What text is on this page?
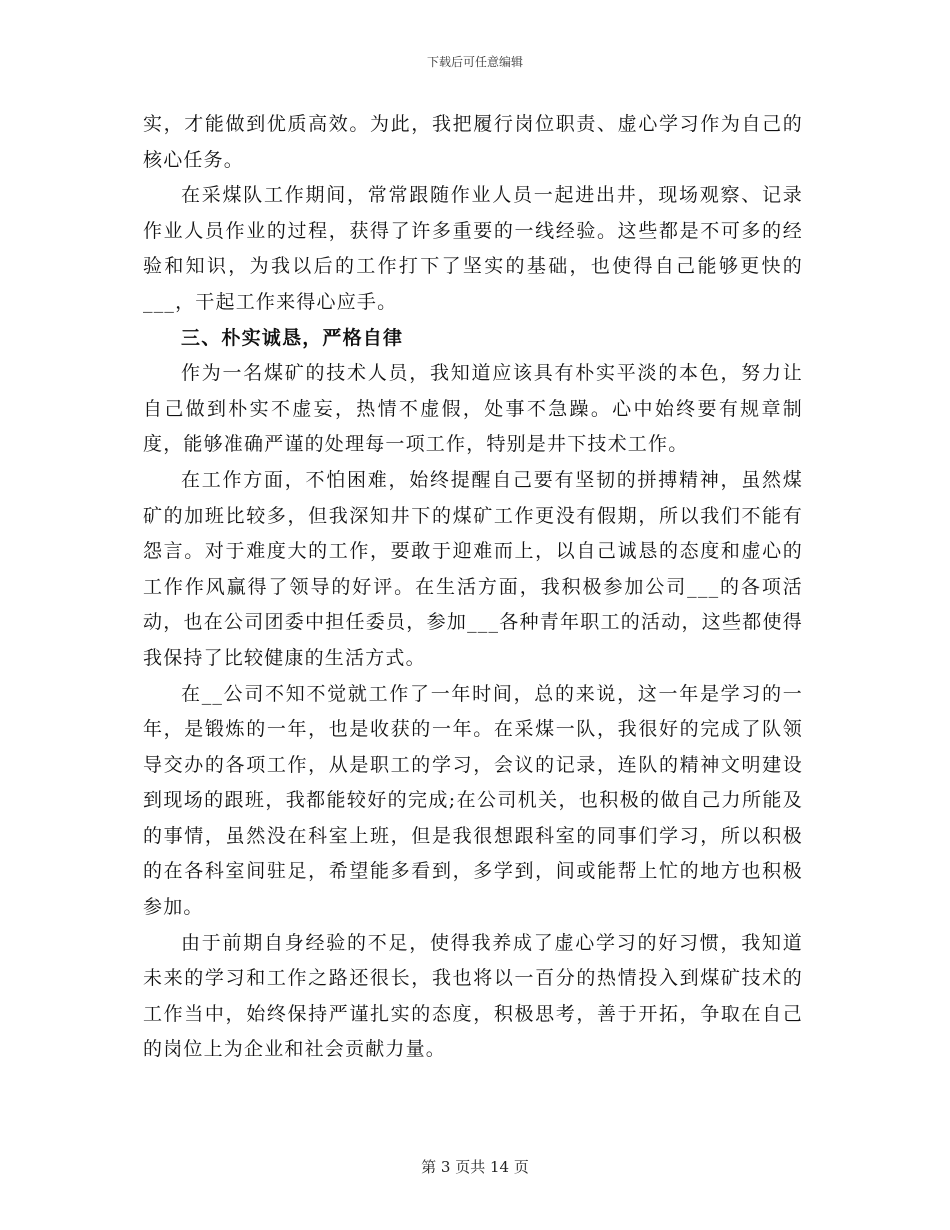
下载后可任意编辑

实，才能做到优质高效。为此，我把履行岗位职责、虚心学习作为自己的核心任务。

在采煤队工作期间，常常跟随作业人员一起进出井，现场观察、记录作业人员作业的过程，获得了许多重要的一线经验。这些都是不可多的经验和知识，为我以后的工作打下了坚实的基础，也使得自己能够更快的___，干起工作来得心应手。

三、朴实诚恳，严格自律

作为一名煤矿的技术人员，我知道应该具有朴实平淡的本色，努力让自己做到朴实不虚妄，热情不虚假，处事不急躁。心中始终要有规章制度，能够准确严谨的处理每一项工作，特别是井下技术工作。

在工作方面，不怕困难，始终提醒自己要有坚韧的拼搏精神，虽然煤矿的加班比较多，但我深知井下的煤矿工作更没有假期，所以我们不能有怨言。对于难度大的工作，要敢于迎难而上，以自己诚恳的态度和虚心的工作作风赢得了领导的好评。在生活方面，我积极参加公司___的各项活动，也在公司团委中担任委员，参加___各种青年职工的活动，这些都使得我保持了比较健康的生活方式。

在__公司不知不觉就工作了一年时间，总的来说，这一年是学习的一年，是锻炼的一年，也是收获的一年。在采煤一队，我很好的完成了队领导交办的各项工作，从是职工的学习，会议的记录，连队的精神文明建设到现场的跟班，我都能较好的完成;在公司机关，也积极的做自己力所能及的事情，虽然没在科室上班，但是我很想跟科室的同事们学习，所以积极的在各科室间驻足，希望能多看到，多学到，间或能帮上忙的地方也积极参加。

由于前期自身经验的不足，使得我养成了虚心学习的好习惯，我知道未来的学习和工作之路还很长，我也将以一百分的热情投入到煤矿技术的工作当中，始终保持严谨扎实的态度，积极思考，善于开拓，争取在自己的岗位上为企业和社会贡献力量。

第 3 页共 14 页
